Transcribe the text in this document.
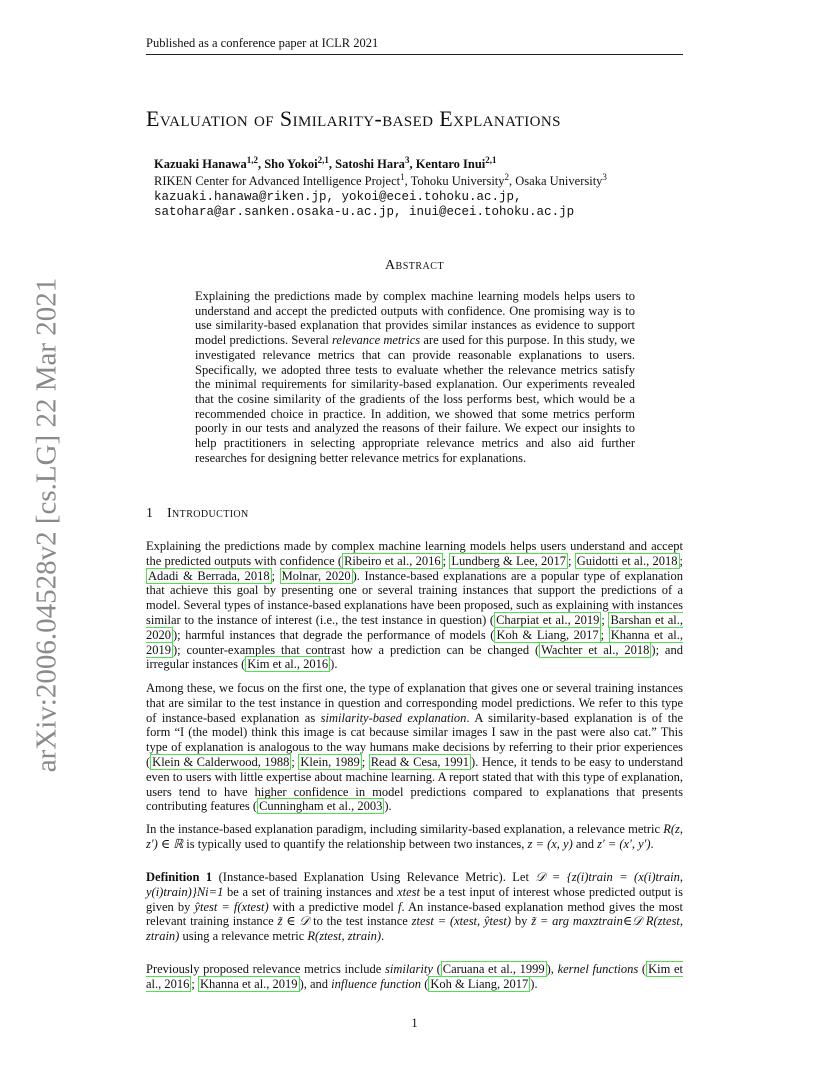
Published as a conference paper at ICLR 2021
Evaluation of Similarity-based Explanations
Kazuaki Hanawa$^{1,2}$, Sho Yokoi$^{2,1}$, Satoshi Hara$^3$, Kentaro Inui$^{2,1}$
RIKEN Center for Advanced Intelligence Project$^1$, Tohoku University$^2$, Osaka University$^3$
kazuaki.hanawa@riken.jp, yokoi@ecei.tohoku.ac.jp,
satohara@ar.sanken.osaka-u.ac.jp, inui@ecei.tohoku.ac.jp
arXiv:2006.04528v2 [cs.LG] 22 Mar 2021
Abstract
Explaining the predictions made by complex machine learning models helps users to understand and accept the predicted outputs with confidence. One promising way is to use similarity-based explanation that provides similar instances as evidence to support model predictions. Several relevance metrics are used for this purpose. In this study, we investigated relevance metrics that can provide reasonable explanations to users. Specifically, we adopted three tests to evaluate whether the relevance metrics satisfy the minimal requirements for similarity-based explanation. Our experiments revealed that the cosine similarity of the gradients of the loss performs best, which would be a recommended choice in practice. In addition, we showed that some metrics perform poorly in our tests and analyzed the reasons of their failure. We expect our insights to help practitioners in selecting appropriate relevance metrics and also aid further researches for designing better relevance metrics for explanations.
1 Introduction

Explaining the predictions made by complex machine learning models helps users understand and accept the predicted outputs with confidence ( Ribeiro et al., 2016 ; Lundberg & Lee, 2017 ; Guidotti et al., 2018 ; Adadi & Berrada, 2018 ; Molnar, 2020 ). Instance-based explanations are a popular type of explanation that achieve this goal by presenting one or several training instances that support the predictions of a model. Several types of instance-based explanations have been proposed, such as explaining with instances similar to the instance of interest (i.e., the test instance in question) ( Charpiat et al., 2019 ; Barshan et al., 2020 ); harmful instances that degrade the performance of models ( Koh & Liang, 2017 ; Khanna et al., 2019 ); counter-examples that contrast how a prediction can be changed ( Wachter et al., 2018 ); and irregular instances ( Kim et al., 2016 ).

Among these, we focus on the first one, the type of explanation that gives one or several training instances that are similar to the test instance in question and corresponding model predictions. We refer to this type of instance-based explanation as similarity-based explanation. A similarity-based explanation is of the form “I (the model) think this image is cat because similar images I saw in the past were also cat.” This type of explanation is analogous to the way humans make decisions by referring to their prior experiences ( Klein & Calderwood, 1988 ; Klein, 1989 ; Read & Cesa, 1991 ). Hence, it tends to be easy to understand even to users with little expertise about machine learning. A report stated that with this type of explanation, users tend to have higher confidence in model predictions compared to explanations that presents contributing features ( Cunningham et al., 2003 ).

In the instance-based explanation paradigm, including similarity-based explanation, a relevance metric R(z, z′) ∈ ℝ is typically used to quantify the relationship between two instances, z = (x, y) and z′ = (x′, y′).

Definition 1 (Instance-based Explanation Using Relevance Metric). Let 𝒟 = {z(i)train = (x(i)train, y(i)train)}Ni=1 be a set of training instances and xtest be a test input of interest whose predicted output is given by ŷtest = f(xtest) with a predictive model f. An instance-based explanation method gives the most relevant training instance z̃ ∈ 𝒟 to the test instance ztest = (xtest, ŷtest) by z̃ = arg maxztrain∈𝒟 R(ztest, ztrain) using a relevance metric R(ztest, ztrain).

Previously proposed relevance metrics include similarity ( Caruana et al., 1999 ), kernel functions ( Kim et al., 2016 ; Khanna et al., 2019 ), and influence function ( Koh & Liang, 2017 ).

1
